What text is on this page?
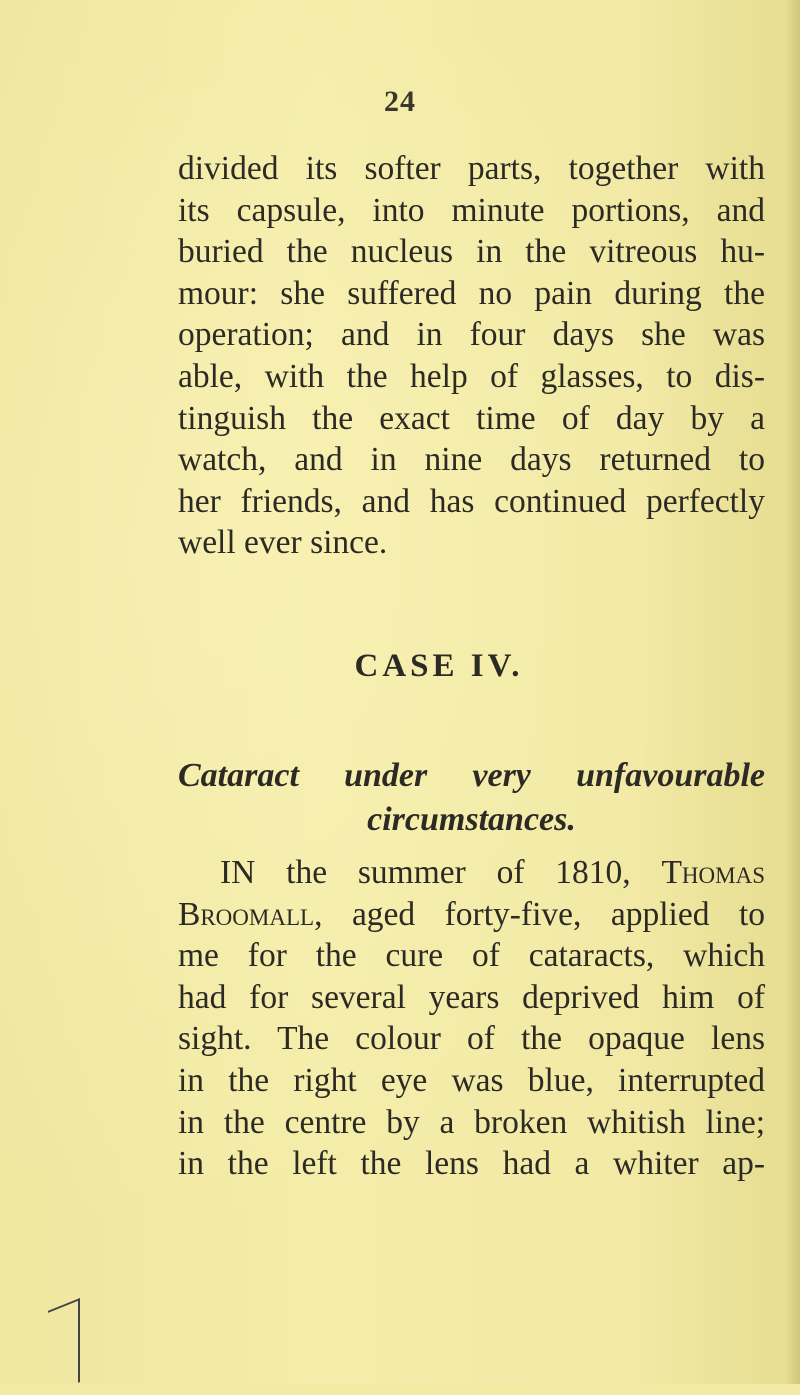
24
divided its softer parts, together with
its capsule, into minute portions, and
buried the nucleus in the vitreous hu-
mour: she suffered no pain during the
operation; and in four days she was
able, with the help of glasses, to dis-
tinguish the exact time of day by a
watch, and in nine days returned to
her friends, and has continued perfectly
well ever since.
CASE IV.
Cataract under very unfavourable
circumstances.
IN the summer of 1810, Thomas
Broomall, aged forty-five, applied to
me for the cure of cataracts, which
had for several years deprived him of
sight. The colour of the opaque lens
in the right eye was blue, interrupted
in the centre by a broken whitish line;
in the left the lens had a whiter ap-
